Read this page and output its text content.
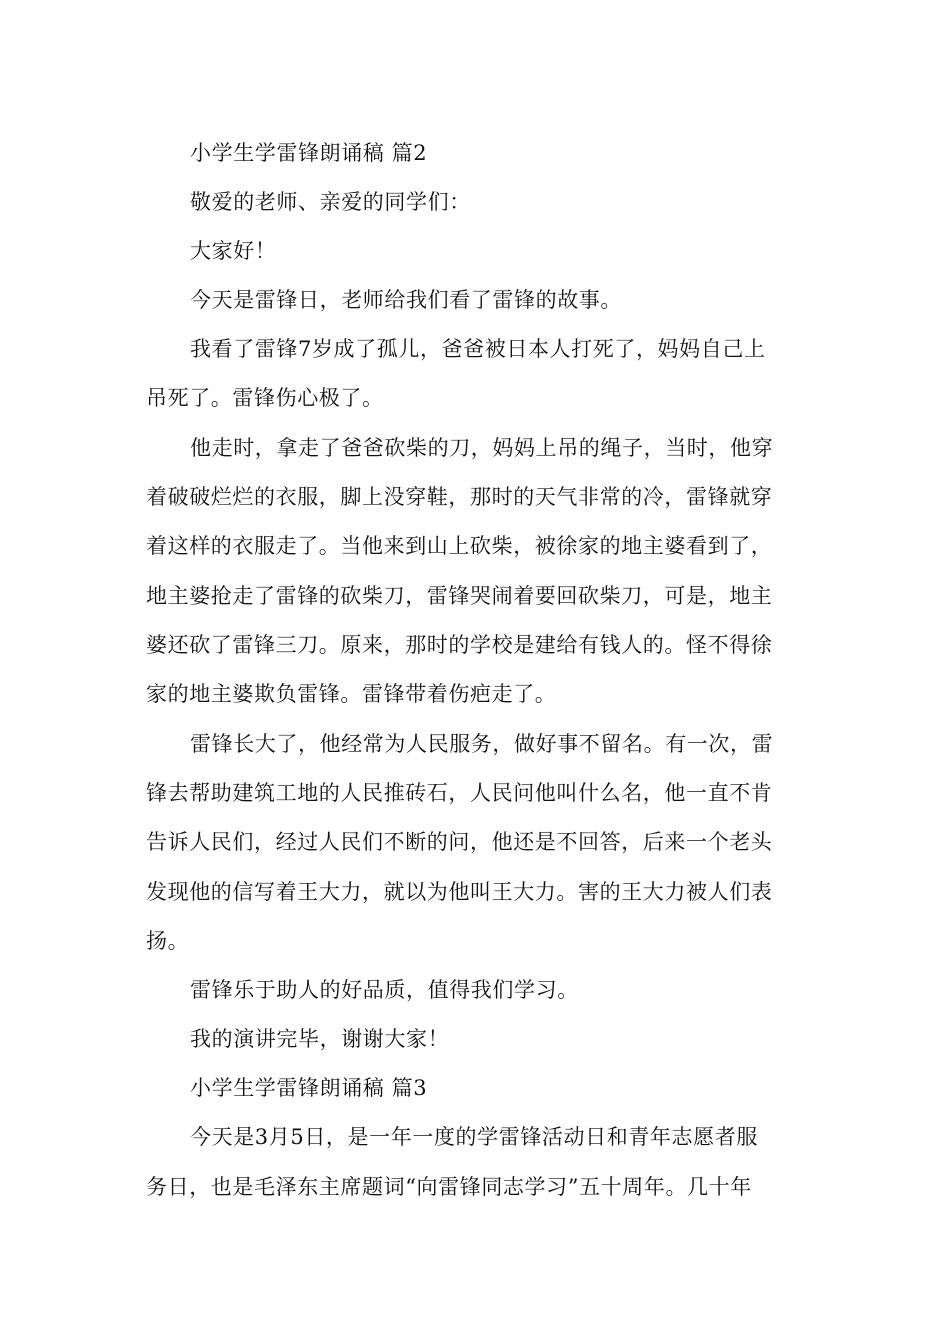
小学生学雷锋朗诵稿 篇2
敬爱的老师、亲爱的同学们：
大家好！
今天是雷锋日，老师给我们看了雷锋的故事。
我看了雷锋7岁成了孤儿，爸爸被日本人打死了，妈妈自己上
吊死了。雷锋伤心极了。
他走时，拿走了爸爸砍柴的刀，妈妈上吊的绳子，当时，他穿
着破破烂烂的衣服，脚上没穿鞋，那时的天气非常的冷，雷锋就穿
着这样的衣服走了。当他来到山上砍柴，被徐家的地主婆看到了，
地主婆抢走了雷锋的砍柴刀，雷锋哭闹着要回砍柴刀，可是，地主
婆还砍了雷锋三刀。原来，那时的学校是建给有钱人的。怪不得徐
家的地主婆欺负雷锋。雷锋带着伤疤走了。
雷锋长大了，他经常为人民服务，做好事不留名。有一次，雷
锋去帮助建筑工地的人民推砖石，人民问他叫什么名，他一直不肯
告诉人民们，经过人民们不断的问，他还是不回答，后来一个老头
发现他的信写着王大力，就以为他叫王大力。害的王大力被人们表
扬。
雷锋乐于助人的好品质，值得我们学习。
我的演讲完毕，谢谢大家！
小学生学雷锋朗诵稿 篇3
今天是3月5日，是一年一度的学雷锋活动日和青年志愿者服
务日，也是毛泽东主席题词“向雷锋同志学习”五十周年。几十年
